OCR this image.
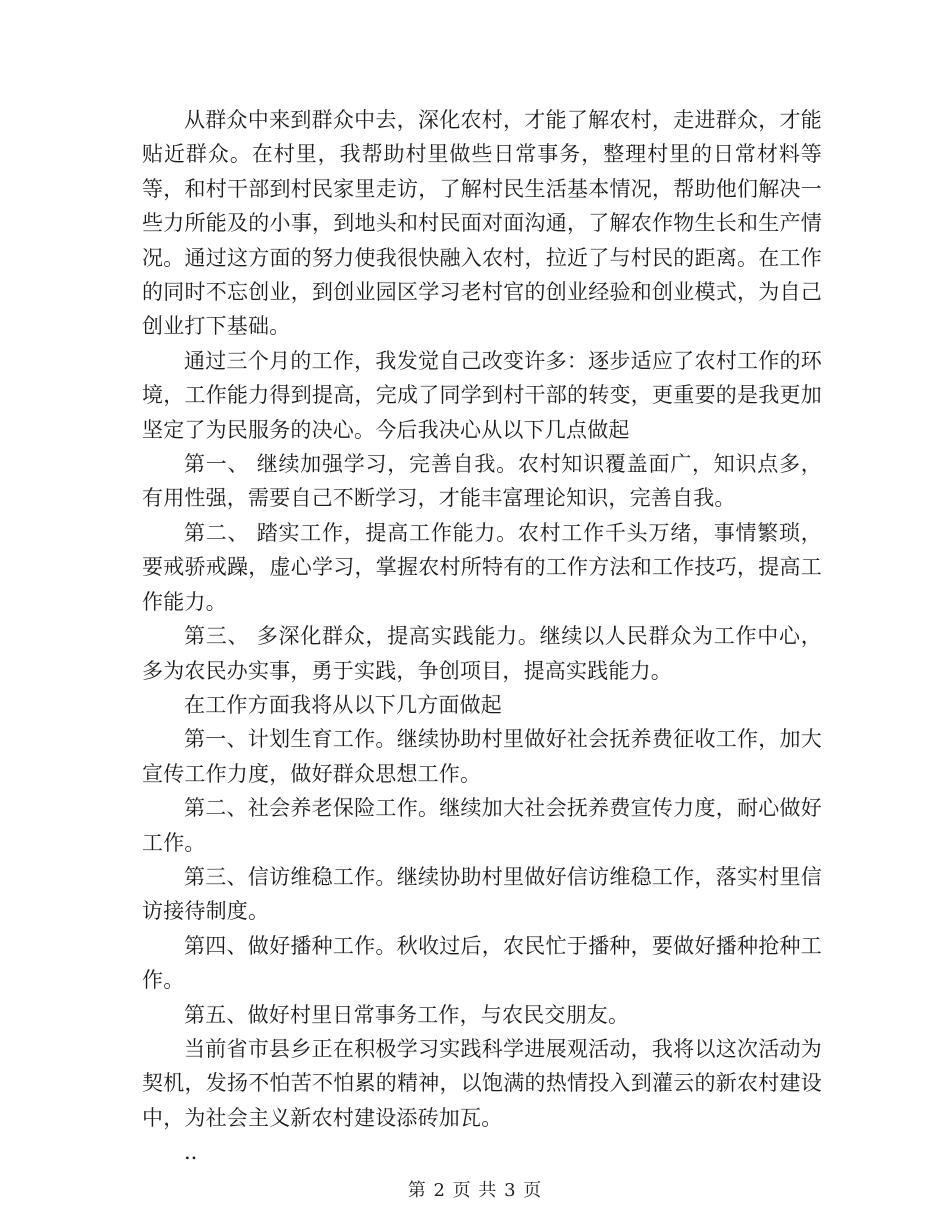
从群众中来到群众中去，深化农村，才能了解农村，走进群众，才能贴近群众。在村里，我帮助村里做些日常事务，整理村里的日常材料等等，和村干部到村民家里走访，了解村民生活基本情况，帮助他们解决一些力所能及的小事，到地头和村民面对面沟通，了解农作物生长和生产情况。通过这方面的努力使我很快融入农村，拉近了与村民的距离。在工作的同时不忘创业，到创业园区学习老村官的创业经验和创业模式，为自己创业打下基础。

通过三个月的工作，我发觉自己改变许多：逐步适应了农村工作的环境，工作能力得到提高，完成了同学到村干部的转变，更重要的是我更加坚定了为民服务的决心。今后我决心从以下几点做起

第一、 继续加强学习，完善自我。农村知识覆盖面广，知识点多，有用性强，需要自己不断学习，才能丰富理论知识，完善自我。

第二、 踏实工作，提高工作能力。农村工作千头万绪，事情繁琐，要戒骄戒躁，虚心学习，掌握农村所特有的工作方法和工作技巧，提高工作能力。

第三、 多深化群众，提高实践能力。继续以人民群众为工作中心，多为农民办实事，勇于实践，争创项目，提高实践能力。

在工作方面我将从以下几方面做起

第一、计划生育工作。继续协助村里做好社会抚养费征收工作，加大宣传工作力度，做好群众思想工作。

第二、社会养老保险工作。继续加大社会抚养费宣传力度，耐心做好工作。

第三、信访维稳工作。继续协助村里做好信访维稳工作，落实村里信访接待制度。

第四、做好播种工作。秋收过后，农民忙于播种，要做好播种抢种工作。

第五、做好村里日常事务工作，与农民交朋友。

当前省市县乡正在积极学习实践科学进展观活动，我将以这次活动为契机，发扬不怕苦不怕累的精神，以饱满的热情投入到灌云的新农村建设中，为社会主义新农村建设添砖加瓦。

..

第 2 页 共 3 页
